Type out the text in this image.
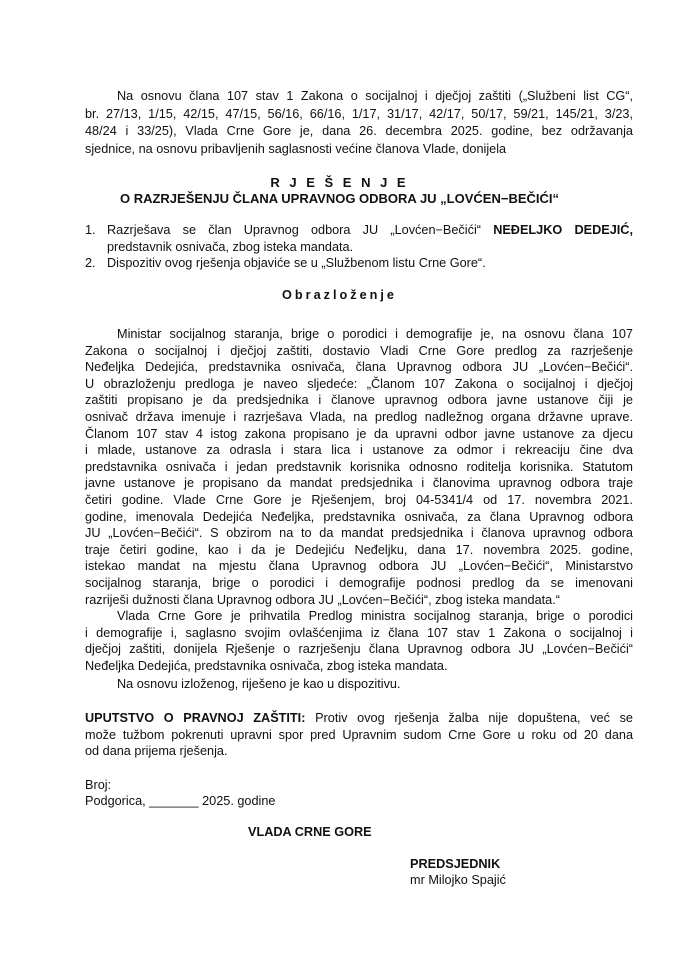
Na osnovu člana 107 stav 1 Zakona o socijalnoj i dječjoj zaštiti („Službeni list CG“,
br. 27/13, 1/15, 42/15, 47/15, 56/16, 66/16, 1/17, 31/17, 42/17, 50/17, 59/21, 145/21, 3/23,
48/24 i 33/25), Vlada Crne Gore je, dana 26. decembra 2025. godine, bez održavanja
sjednice, na osnovu pribavljenih saglasnosti većine članova Vlade, donijela
R J E Š E N J E
O RAZRJEŠENJU ČLANA UPRAVNOG ODBORA JU „LOVĆEN−BEČIĆI“
1. Razrješava se član Upravnog odbora JU „Lovćen−Bečići“ NEĐELJKO DEDEJIĆ,
predstavnik osnivača, zbog isteka mandata.
2. Dispozitiv ovog rješenja objaviće se u „Službenom listu Crne Gore“.
Obrazloženje
Ministar socijalnog staranja, brige o porodici i demografije je, na osnovu člana 107
Zakona o socijalnoj i dječjoj zaštiti, dostavio Vladi Crne Gore predlog za razrješenje
Neđeljka Dedejića, predstavnika osnivača, člana Upravnog odbora JU „Lovćen−Bečići“.
U obrazloženju predloga je naveo sljedeće: „Članom 107 Zakona o socijalnoj i dječjoj
zaštiti propisano je da predsjednika i članove upravnog odbora javne ustanove čiji je
osnivač država imenuje i razrješava Vlada, na predlog nadležnog organa državne uprave.
Članom 107 stav 4 istog zakona propisano je da upravni odbor javne ustanove za djecu
i mlade, ustanove za odrasla i stara lica i ustanove za odmor i rekreaciju čine dva
predstavnika osnivača i jedan predstavnik korisnika odnosno roditelja korisnika. Statutom
javne ustanove je propisano da mandat predsjednika i članovima upravnog odbora traje
četiri godine. Vlade Crne Gore je Rješenjem, broj 04-5341/4 od 17. novembra 2021.
godine, imenovala Dedejića Neđeljka, predstavnika osnivača, za člana Upravnog odbora
JU „Lovćen−Bečići“. S obzirom na to da mandat predsjednika i članova upravnog odbora
traje četiri godine, kao i da je Dedejiću Neđeljku, dana 17. novembra 2025. godine,
istekao mandat na mjestu člana Upravnog odbora JU „Lovćen−Bečići“, Ministarstvo
socijalnog staranja, brige o porodici i demografije podnosi predlog da se imenovani
razriješi dužnosti člana Upravnog odbora JU „Lovćen−Bečići“, zbog isteka mandata.“
Vlada Crne Gore je prihvatila Predlog ministra socijalnog staranja, brige o porodici
i demografije i, saglasno svojim ovlašćenjima iz člana 107 stav 1 Zakona o socijalnoj i
dječjoj zaštiti, donijela Rješenje o razrješenju člana Upravnog odbora JU „Lovćen−Bečići“
Neđeljka Dedejića, predstavnika osnivača, zbog isteka mandata.
Na osnovu izloženog, riješeno je kao u dispozitivu.
UPUTSTVO O PRAVNOJ ZAŠTITI: Protiv ovog rješenja žalba nije dopuštena, već se
može tužbom pokrenuti upravni spor pred Upravnim sudom Crne Gore u roku od 20 dana
od dana prijema rješenja.
Broj:
Podgorica, _______ 2025. godine
VLADA CRNE GORE
PREDSJEDNIK
mr Milojko Spajić
